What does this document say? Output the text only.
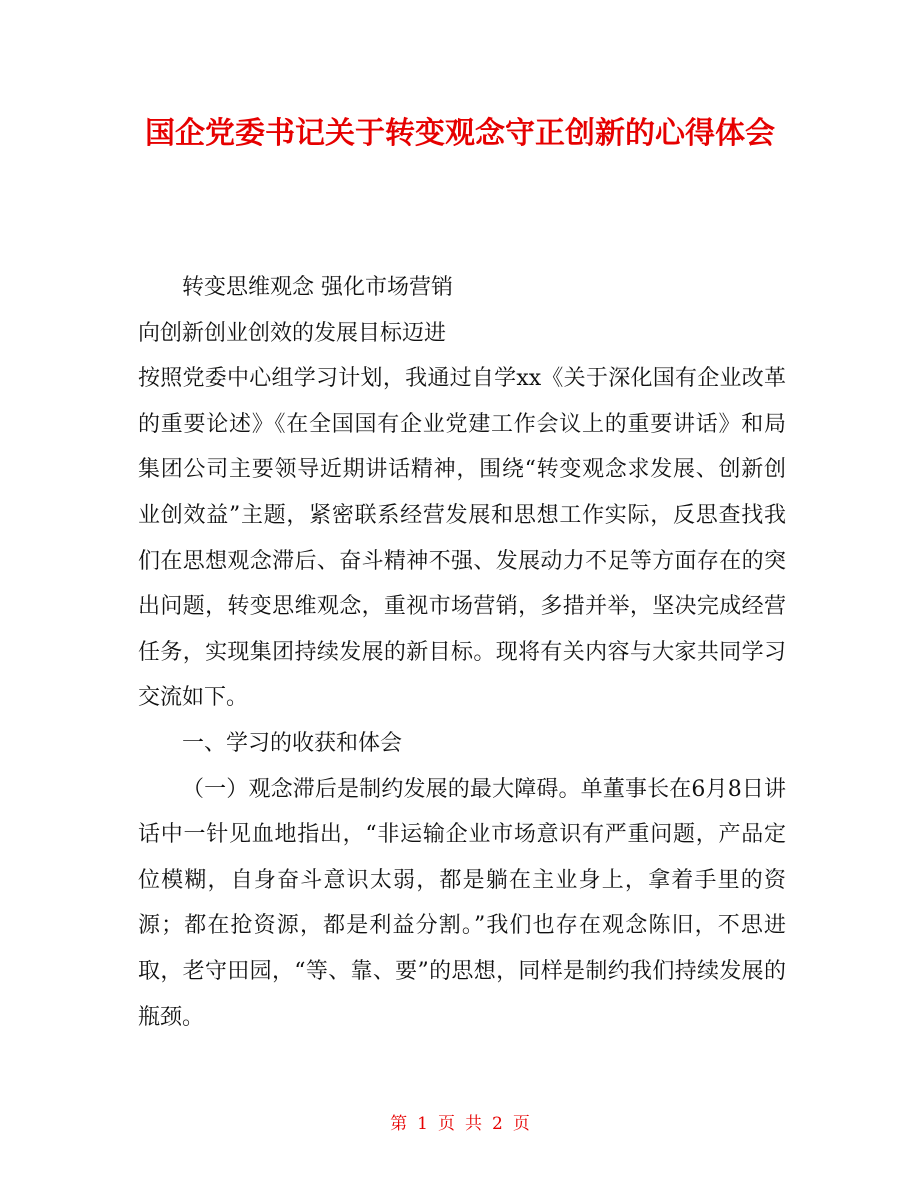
国企党委书记关于转变观念守正创新的心得体会

转变思维观念 强化市场营销

向创新创业创效的发展目标迈进

按照党委中心组学习计划，我通过自学xx《关于深化国有企业改革的重要论述》《在全国国有企业党建工作会议上的重要讲话》和局集团公司主要领导近期讲话精神，围绕“转变观念求发展、创新创业创效益”主题，紧密联系经营发展和思想工作实际，反思查找我们在思想观念滞后、奋斗精神不强、发展动力不足等方面存在的突出问题，转变思维观念，重视市场营销，多措并举，坚决完成经营任务，实现集团持续发展的新目标。现将有关内容与大家共同学习交流如下。

一、学习的收获和体会

（一）观念滞后是制约发展的最大障碍。单董事长在6月8日讲话中一针见血地指出，“非运输企业市场意识有严重问题，产品定位模糊，自身奋斗意识太弱，都是躺在主业身上，拿着手里的资源；都在抢资源，都是利益分割。”我们也存在观念陈旧，不思进取，老守田园，“等、靠、要”的思想，同样是制约我们持续发展的瓶颈。

第 1 页 共 2 页
